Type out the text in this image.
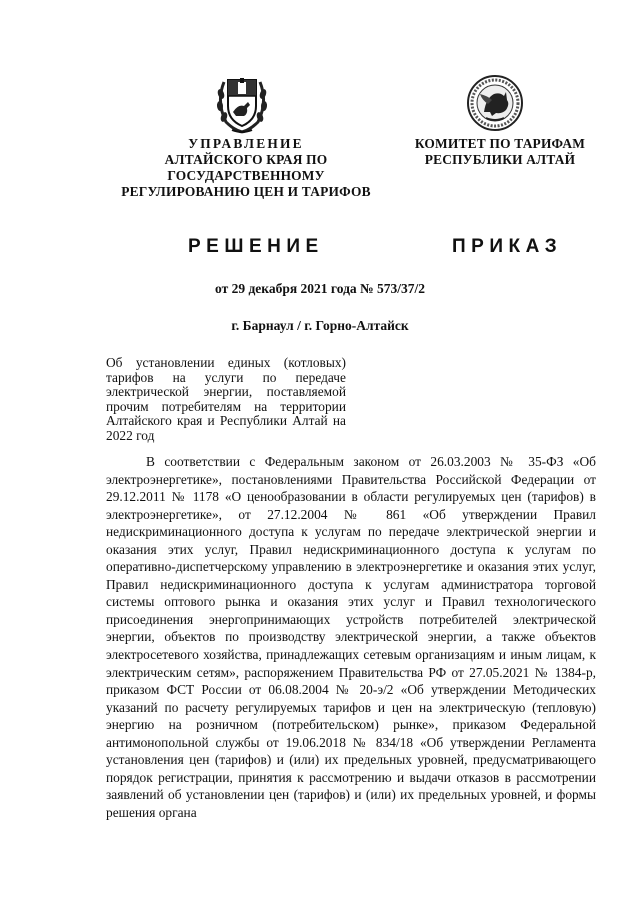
УПРАВЛЕНИЕ
АЛТАЙСКОГО КРАЯ ПО
ГОСУДАРСТВЕННОМУ
РЕГУЛИРОВАНИЮ ЦЕН И ТАРИФОВ
КОМИТЕТ ПО ТАРИФАМ
РЕСПУБЛИКИ АЛТАЙ
РЕШЕНИЕ	ПРИКАЗ
от 29 декабря 2021 года № 573/37/2
г. Барнаул / г. Горно-Алтайск
Об установлении единых (котловых) тарифов на услуги по передаче электрической энергии, поставляемой прочим потребителям на территории Алтайского края и Республики Алтай на 2022 год
В соответствии с Федеральным законом от 26.03.2003 № 35-ФЗ «Об электроэнергетике», постановлениями Правительства Российской Федерации от 29.12.2011 № 1178 «О ценообразовании в области регулируемых цен (тарифов) в электроэнергетике», от 27.12.2004 № 861 «Об утверждении Правил недискриминационного доступа к услугам по передаче электрической энергии и оказания этих услуг, Правил недискриминационного доступа к услугам по оперативно-диспетчерскому управлению в электроэнергетике и оказания этих услуг, Правил недискриминационного доступа к услугам администратора торговой системы оптового рынка и оказания этих услуг и Правил технологического присоединения энергопринимающих устройств потребителей электрической энергии, объектов по производству электрической энергии, а также объектов электросетевого хозяйства, принадлежащих сетевым организациям и иным лицам, к электрическим сетям», распоряжением Правительства РФ от 27.05.2021 № 1384-р, приказом ФСТ России от 06.08.2004 № 20-э/2 «Об утверждении Методических указаний по расчету регулируемых тарифов и цен на электрическую (тепловую) энергию на розничном (потребительском) рынке», приказом Федеральной антимонопольной службы от 19.06.2018 № 834/18 «Об утверждении Регламента установления цен (тарифов) и (или) их предельных уровней, предусматривающего порядок регистрации, принятия к рассмотрению и выдачи отказов в рассмотрении заявлений об установлении цен (тарифов) и (или) их предельных уровней, и формы решения органа
